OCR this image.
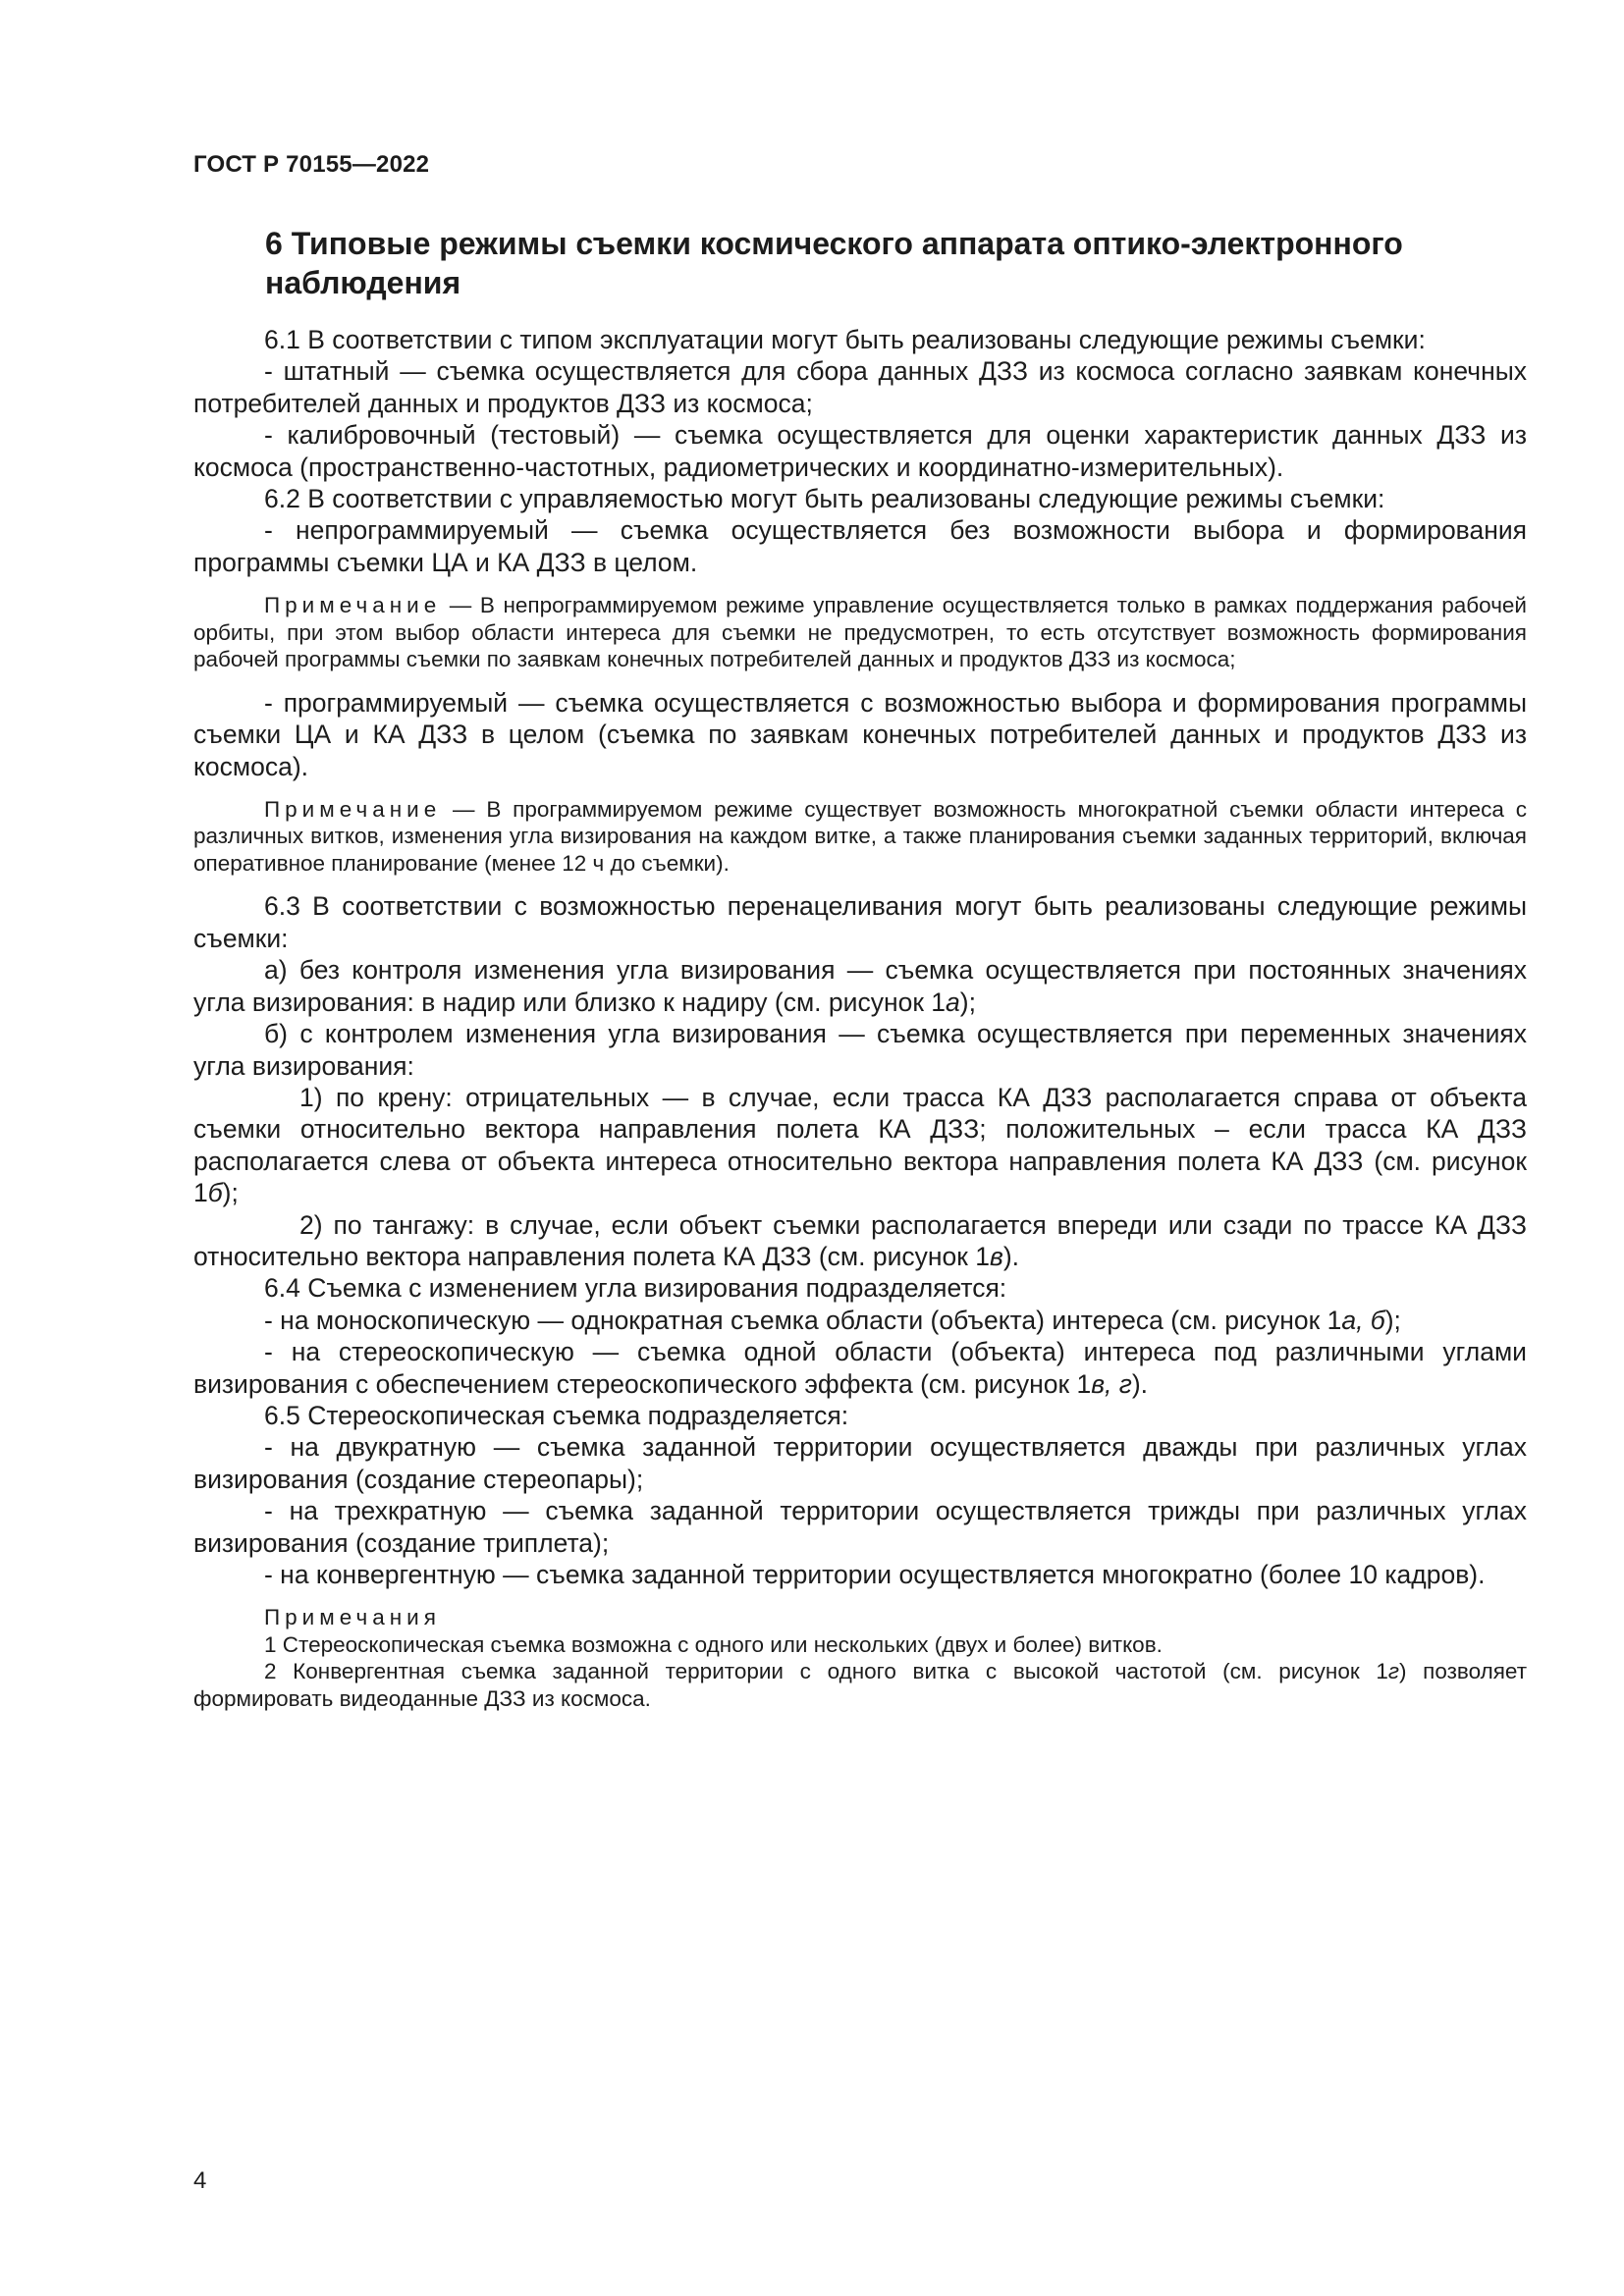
ГОСТ Р 70155—2022
6 Типовые режимы съемки космического аппарата оптико-электронного наблюдения

6.1 В соответствии с типом эксплуатации могут быть реализованы следующие режимы съемки:

- штатный — съемка осуществляется для сбора данных ДЗЗ из космоса согласно заявкам конечных потребителей данных и продуктов ДЗЗ из космоса;

- калибровочный (тестовый) — съемка осуществляется для оценки характеристик данных ДЗЗ из космоса (пространственно-частотных, радиометрических и координатно-измерительных).

6.2 В соответствии с управляемостью могут быть реализованы следующие режимы съемки:

- непрограммируемый — съемка осуществляется без возможности выбора и формирования программы съемки ЦА и КА ДЗЗ в целом.

Примечание — В непрограммируемом режиме управление осуществляется только в рамках поддержания рабочей орбиты, при этом выбор области интереса для съемки не предусмотрен, то есть отсутствует возможность формирования рабочей программы съемки по заявкам конечных потребителей данных и продуктов ДЗЗ из космоса;

- программируемый — съемка осуществляется с возможностью выбора и формирования программы съемки ЦА и КА ДЗЗ в целом (съемка по заявкам конечных потребителей данных и продуктов ДЗЗ из космоса).

Примечание — В программируемом режиме существует возможность многократной съемки области интереса с различных витков, изменения угла визирования на каждом витке, а также планирования съемки заданных территорий, включая оперативное планирование (менее 12 ч до съемки).

6.3 В соответствии с возможностью перенацеливания могут быть реализованы следующие режимы съемки:

а) без контроля изменения угла визирования — съемка осуществляется при постоянных значениях угла визирования: в надир или близко к надиру (см. рисунок 1а);

б) с контролем изменения угла визирования — съемка осуществляется при переменных значениях угла визирования:

1) по крену: отрицательных — в случае, если трасса КА ДЗЗ располагается справа от объекта съемки относительно вектора направления полета КА ДЗЗ; положительных – если трасса КА ДЗЗ располагается слева от объекта интереса относительно вектора направления полета КА ДЗЗ (см. рисунок 1б);

2) по тангажу: в случае, если объект съемки располагается впереди или сзади по трассе КА ДЗЗ относительно вектора направления полета КА ДЗЗ (см. рисунок 1в).

6.4 Съемка с изменением угла визирования подразделяется:

- на моноскопическую — однократная съемка области (объекта) интереса (см. рисунок 1а, б);

- на стереоскопическую — съемка одной области (объекта) интереса под различными углами визирования с обеспечением стереоскопического эффекта (см. рисунок 1в, г).

6.5 Стереоскопическая съемка подразделяется:

- на двукратную — съемка заданной территории осуществляется дважды при различных углах визирования (создание стереопары);

- на трехкратную — съемка заданной территории осуществляется трижды при различных углах визирования (создание триплета);

- на конвергентную — съемка заданной территории осуществляется многократно (более 10 кадров).

Примечания

1 Стереоскопическая съемка возможна с одного или нескольких (двух и более) витков.

2 Конвергентная съемка заданной территории с одного витка с высокой частотой (см. рисунок 1г) позволяет формировать видеоданные ДЗЗ из космоса.

4
